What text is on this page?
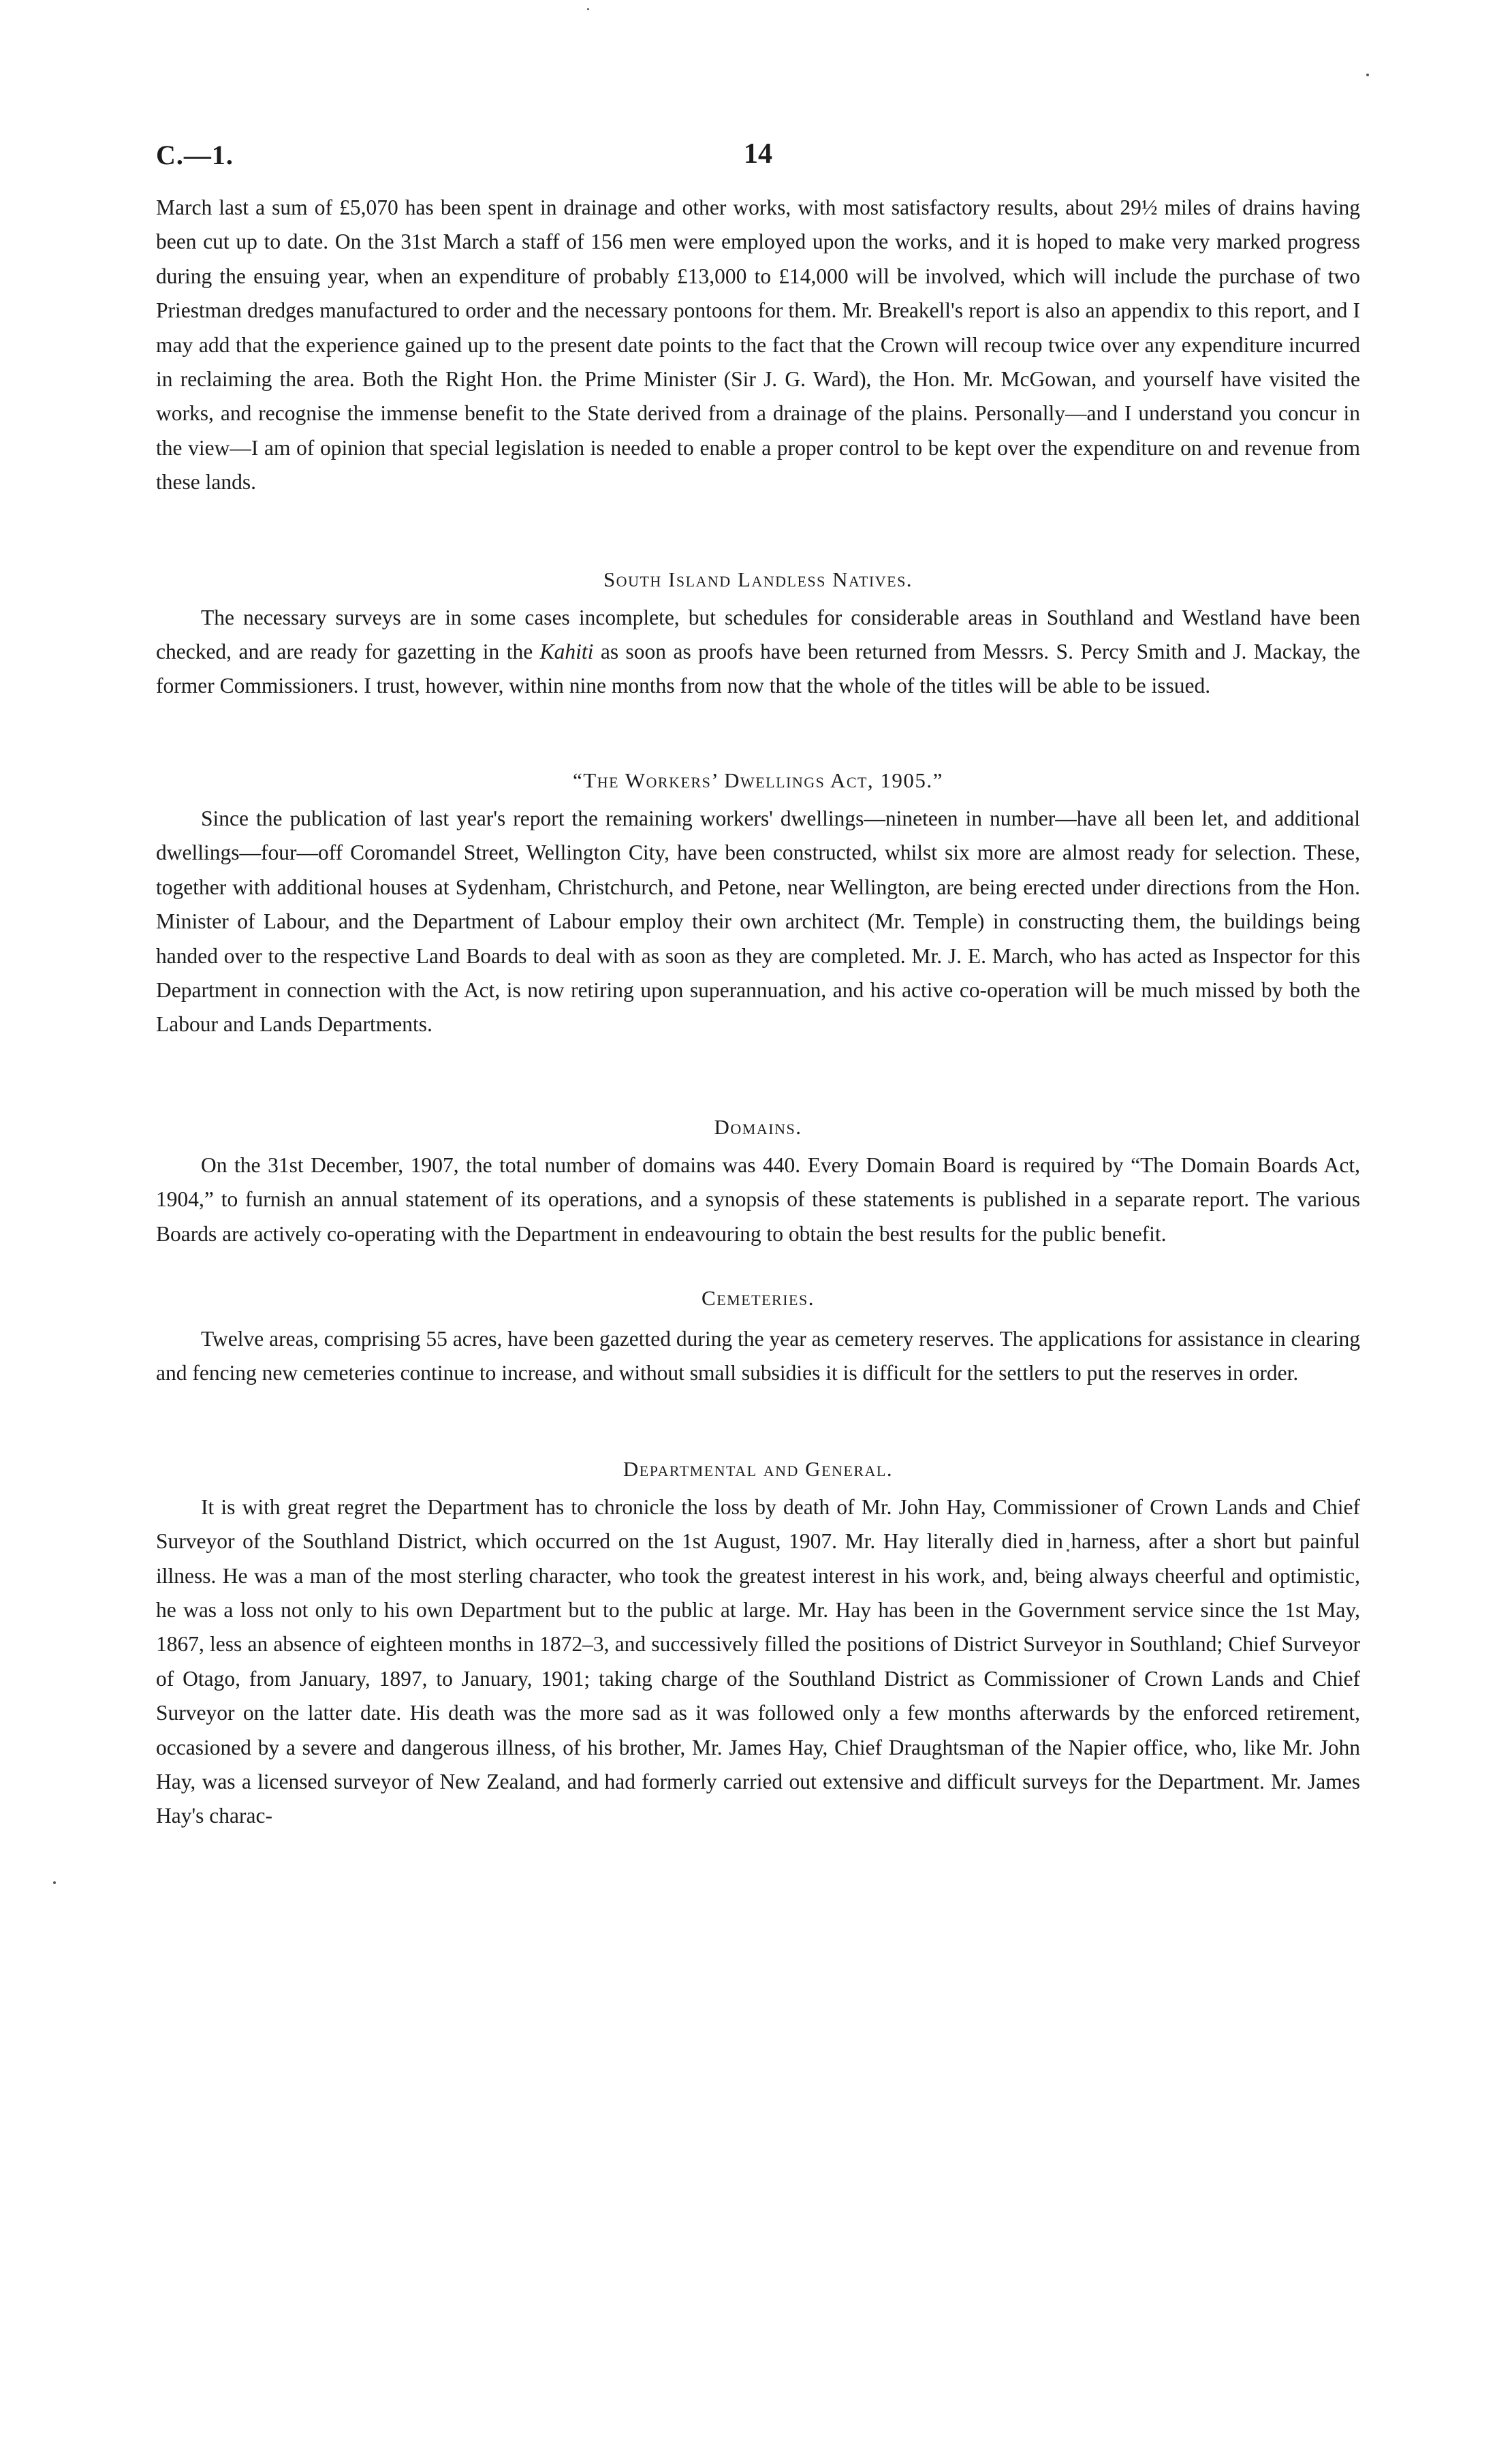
C.—1.	14

March last a sum of £5,070 has been spent in drainage and other works, with most satisfactory results, about 29½ miles of drains having been cut up to date. On the 31st March a staff of 156 men were employed upon the works, and it is hoped to make very marked progress during the ensuing year, when an expenditure of probably £13,000 to £14,000 will be involved, which will include the purchase of two Priestman dredges manufactured to order and the necessary pontoons for them. Mr. Breakell's report is also an appendix to this report, and I may add that the experience gained up to the present date points to the fact that the Crown will recoup twice over any expenditure incurred in reclaiming the area. Both the Right Hon. the Prime Minister (Sir J. G. Ward), the Hon. Mr. McGowan, and yourself have visited the works, and recognise the immense benefit to the State derived from a drainage of the plains. Personally—and I understand you concur in the view—I am of opinion that special legislation is needed to enable a proper control to be kept over the expenditure on and revenue from these lands.

South Island Landless Natives.

The necessary surveys are in some cases incomplete, but schedules for considerable areas in Southland and Westland have been checked, and are ready for gazetting in the Kahiti as soon as proofs have been returned from Messrs. S. Percy Smith and J. Mackay, the former Commissioners. I trust, however, within nine months from now that the whole of the titles will be able to be issued.

“The Workers’ Dwellings Act, 1905.”

Since the publication of last year's report the remaining workers' dwellings—nineteen in number—have all been let, and additional dwellings—four—off Coromandel Street, Wellington City, have been constructed, whilst six more are almost ready for selection. These, together with additional houses at Sydenham, Christchurch, and Petone, near Wellington, are being erected under directions from the Hon. Minister of Labour, and the Department of Labour employ their own architect (Mr. Temple) in constructing them, the buildings being handed over to the respective Land Boards to deal with as soon as they are completed. Mr. J. E. March, who has acted as Inspector for this Department in connection with the Act, is now retiring upon superannuation, and his active co-operation will be much missed by both the Labour and Lands Departments.

Domains.

On the 31st December, 1907, the total number of domains was 440. Every Domain Board is required by “The Domain Boards Act, 1904,” to furnish an annual statement of its operations, and a synopsis of these statements is published in a separate report. The various Boards are actively co-operating with the Department in endeavouring to obtain the best results for the public benefit.

Cemeteries.

Twelve areas, comprising 55 acres, have been gazetted during the year as cemetery reserves. The applications for assistance in clearing and fencing new cemeteries continue to increase, and without small subsidies it is difficult for the settlers to put the reserves in order.

Departmental and General.

It is with great regret the Department has to chronicle the loss by death of Mr. John Hay, Commissioner of Crown Lands and Chief Surveyor of the Southland District, which occurred on the 1st August, 1907. Mr. Hay literally died in harness, after a short but painful illness. He was a man of the most sterling character, who took the greatest interest in his work, and, being always cheerful and optimistic, he was a loss not only to his own Department but to the public at large. Mr. Hay has been in the Government service since the 1st May, 1867, less an absence of eighteen months in 1872–3, and successively filled the positions of District Surveyor in Southland; Chief Surveyor of Otago, from January, 1897, to January, 1901; taking charge of the Southland District as Commissioner of Crown Lands and Chief Surveyor on the latter date. His death was the more sad as it was followed only a few months afterwards by the enforced retirement, occasioned by a severe and dangerous illness, of his brother, Mr. James Hay, Chief Draughtsman of the Napier office, who, like Mr. John Hay, was a licensed surveyor of New Zealand, and had formerly carried out extensive and difficult surveys for the Department. Mr. James Hay's charac-
